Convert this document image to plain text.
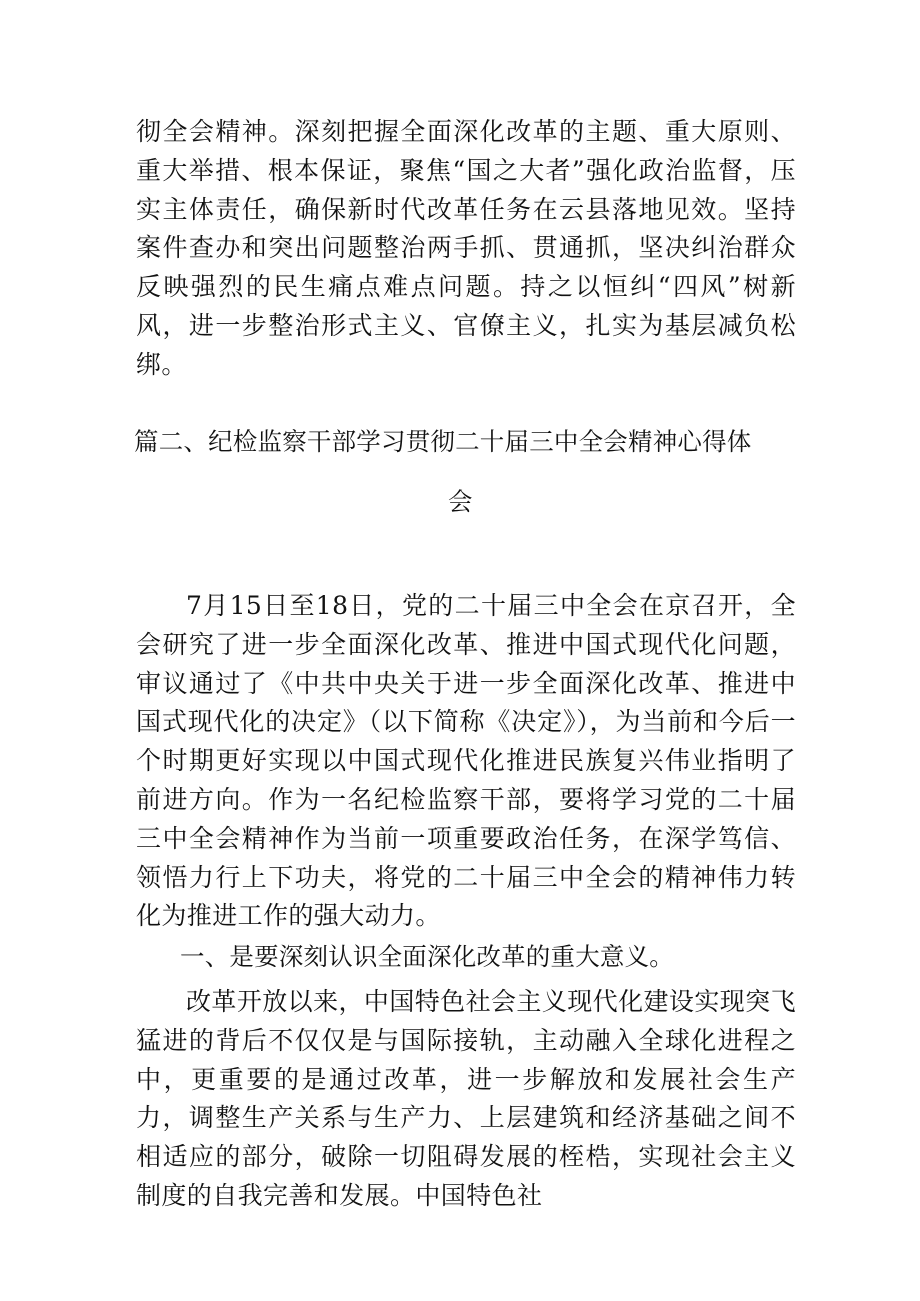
彻全会精神。深刻把握全面深化改革的主题、重大原则、重大举措、根本保证，聚焦“国之大者”强化政治监督，压实主体责任，确保新时代改革任务在云县落地见效。坚持案件查办和突出问题整治两手抓、贯通抓，坚决纠治群众反映强烈的民生痛点难点问题。持之以恒纠“四风”树新风，进一步整治形式主义、官僚主义，扎实为基层减负松绑。

篇二、纪检监察干部学习贯彻二十届三中全会精神心得体
会

7月15日至18日，党的二十届三中全会在京召开，全会研究了进一步全面深化改革、推进中国式现代化问题，审议通过了《中共中央关于进一步全面深化改革、推进中国式现代化的决定》（以下简称《决定》），为当前和今后一个时期更好实现以中国式现代化推进民族复兴伟业指明了前进方向。作为一名纪检监察干部，要将学习党的二十届三中全会精神作为当前一项重要政治任务，在深学笃信、领悟力行上下功夫，将党的二十届三中全会的精神伟力转化为推进工作的强大动力。

一、是要深刻认识全面深化改革的重大意义。

改革开放以来，中国特色社会主义现代化建设实现突飞猛进的背后不仅仅是与国际接轨，主动融入全球化进程之中，更重要的是通过改革，进一步解放和发展社会生产力，调整生产关系与生产力、上层建筑和经济基础之间不相适应的部分，破除一切阻碍发展的桎梏，实现社会主义制度的自我完善和发展。中国特色社
